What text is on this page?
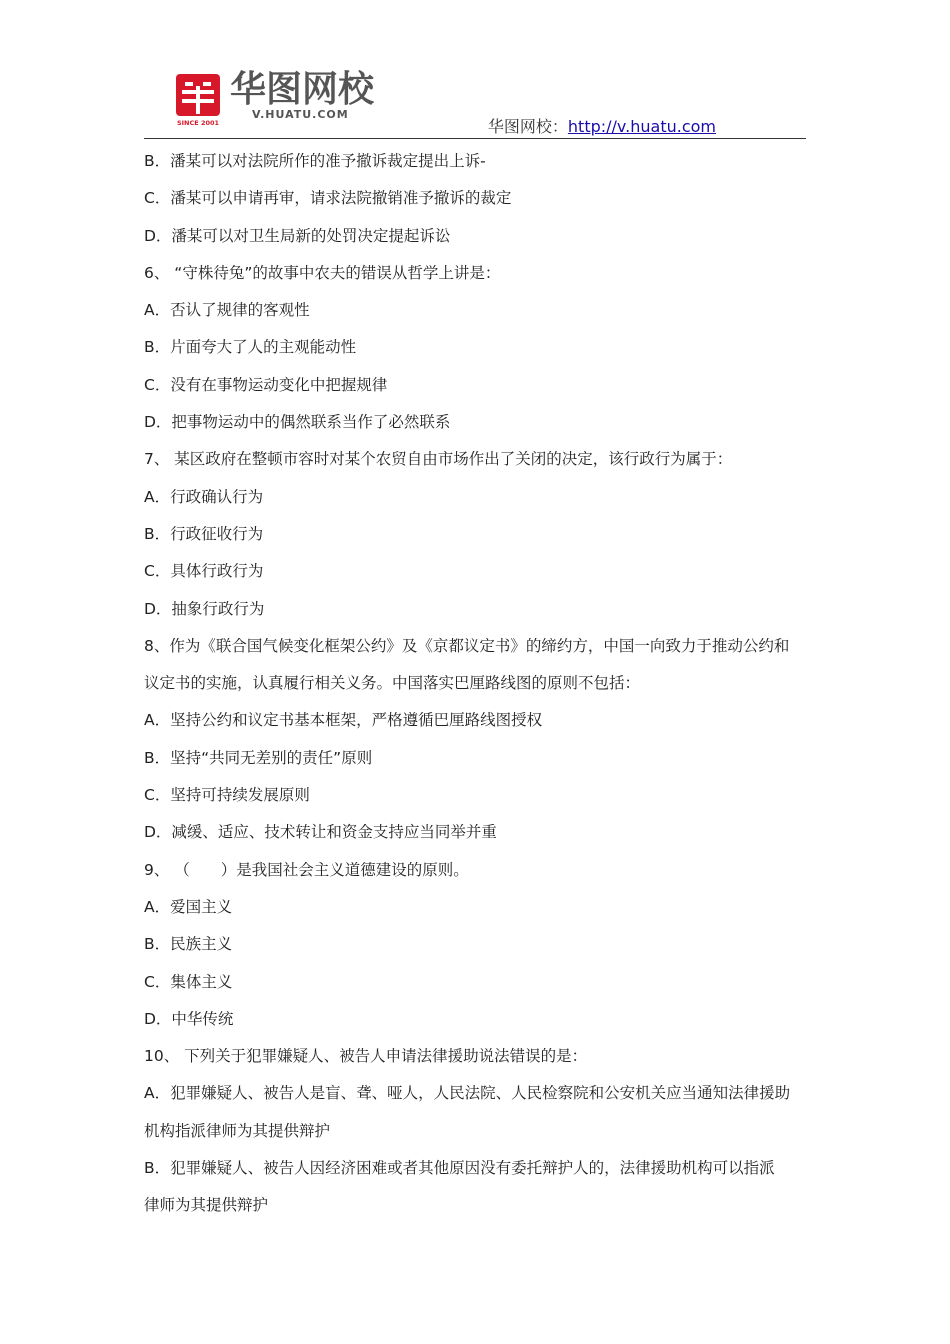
SINCE 2001
华图网校
V.HUATU.COM
华图网校：http://v.huatu.com
B．潘某可以对法院所作的准予撤诉裁定提出上诉-
C．潘某可以申请再审，请求法院撤销准予撤诉的裁定
D．潘某可以对卫生局新的处罚决定提起诉讼
6、 “守株待兔”的故事中农夫的错误从哲学上讲是：
A．否认了规律的客观性
B．片面夸大了人的主观能动性
C．没有在事物运动变化中把握规律
D．把事物运动中的偶然联系当作了必然联系
7、 某区政府在整顿市容时对某个农贸自由市场作出了关闭的决定，该行政行为属于：
A．行政确认行为
B．行政征收行为
C．具体行政行为
D．抽象行政行为
8、作为《联合国气候变化框架公约》及《京都议定书》的缔约方，中国一向致力于推动公约和
议定书的实施，认真履行相关义务。中国落实巴厘路线图的原则不包括：
A．坚持公约和议定书基本框架，严格遵循巴厘路线图授权
B．坚持“共同无差别的责任”原则
C．坚持可持续发展原则
D．减缓、适应、技术转让和资金支持应当同举并重
9、 （　　）是我国社会主义道德建设的原则。
A．爱国主义
B．民族主义
C．集体主义
D．中华传统
10、 下列关于犯罪嫌疑人、被告人申请法律援助说法错误的是：
A．犯罪嫌疑人、被告人是盲、聋、哑人，人民法院、人民检察院和公安机关应当通知法律援助
机构指派律师为其提供辩护
B．犯罪嫌疑人、被告人因经济困难或者其他原因没有委托辩护人的，法律援助机构可以指派
律师为其提供辩护
